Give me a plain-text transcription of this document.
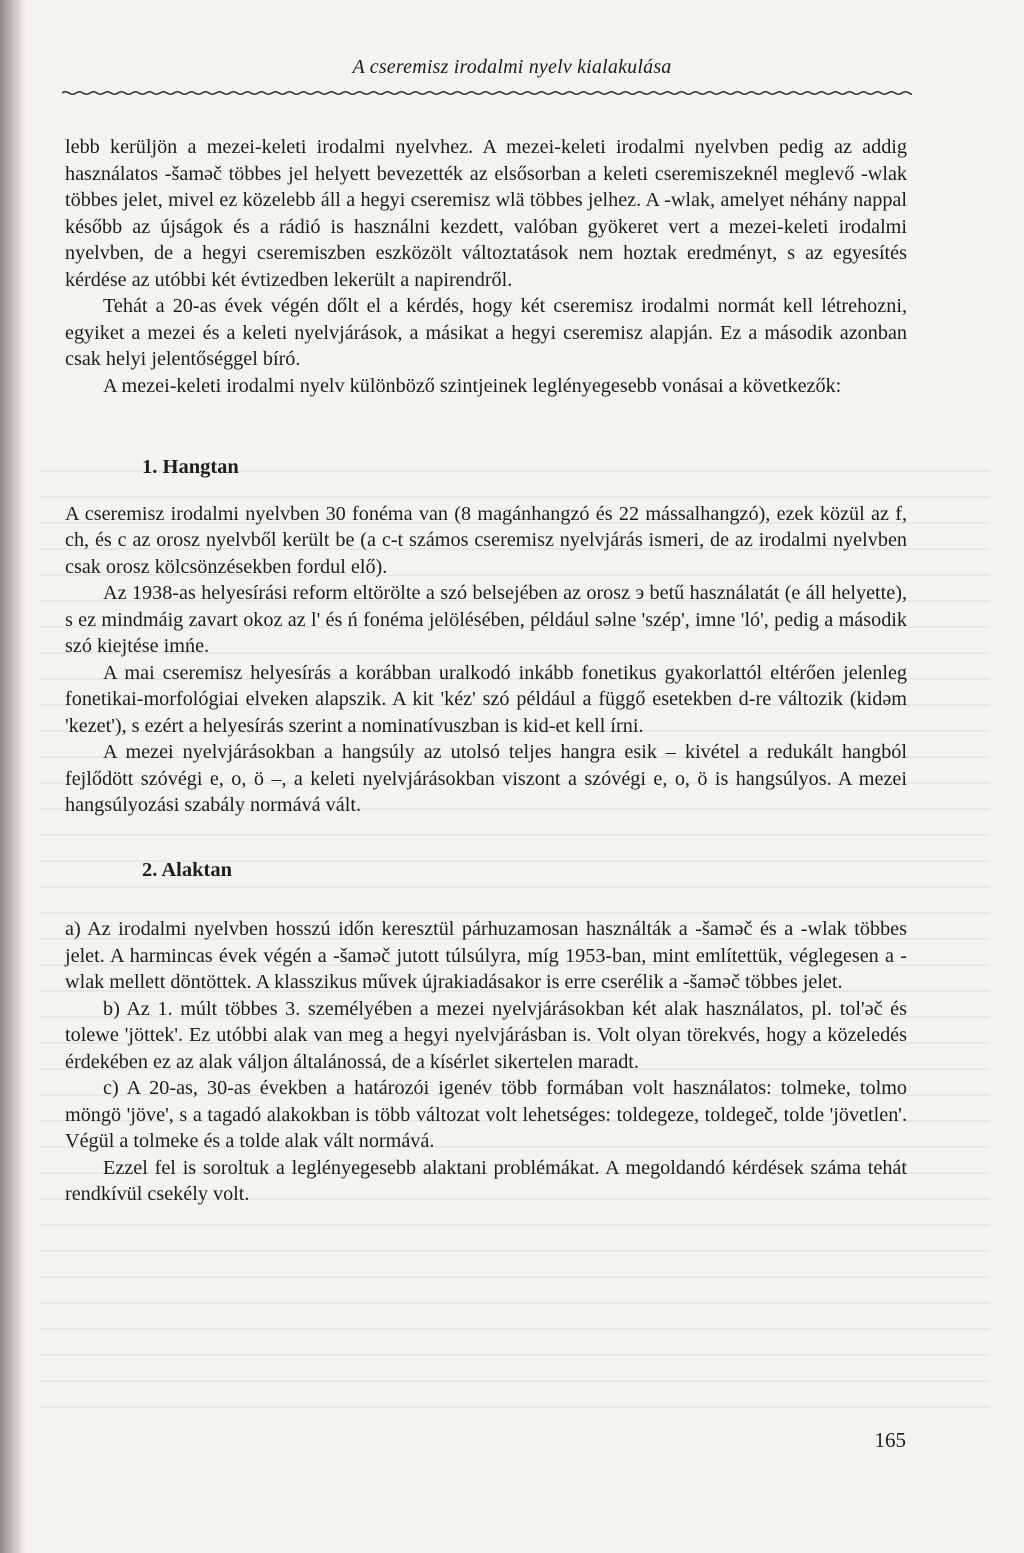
A cseremisz irodalmi nyelv kialakulása

lebb kerüljön a mezei-keleti irodalmi nyelvhez. A mezei-keleti irodalmi nyelvben pedig az addig használatos -šamǝč többes jel helyett bevezették az elsősorban a keleti cseremiszeknél meglevő -wlak többes jelet, mivel ez közelebb áll a hegyi cseremisz wlä többes jelhez. A -wlak, amelyet néhány nappal később az újságok és a rádió is használni kezdett, valóban gyökeret vert a mezei-keleti irodalmi nyelvben, de a hegyi cseremiszben eszközölt változtatások nem hoztak eredményt, s az egyesítés kérdése az utóbbi két évtizedben lekerült a napirendről.

Tehát a 20-as évek végén dőlt el a kérdés, hogy két cseremisz irodalmi normát kell létrehozni, egyiket a mezei és a keleti nyelvjárások, a másikat a hegyi cseremisz alapján. Ez a második azonban csak helyi jelentőséggel bíró.

A mezei-keleti irodalmi nyelv különböző szintjeinek leglényegesebb vonásai a következők:

1. Hangtan

A cseremisz irodalmi nyelvben 30 fonéma van (8 magánhangzó és 22 mássalhangzó), ezek közül az f, ch, és c az orosz nyelvből került be (a c-t számos cseremisz nyelvjárás ismeri, de az irodalmi nyelvben csak orosz kölcsönzésekben fordul elő).

Az 1938-as helyesírási reform eltörölte a szó belsejében az orosz э betű használatát (e áll helyette), s ez mindmáig zavart okoz az l' és ń fonéma jelölésében, például sǝlne 'szép', imne 'ló', pedig a második szó kiejtése imńe.

A mai cseremisz helyesírás a korábban uralkodó inkább fonetikus gyakorlattól eltérően jelenleg fonetikai-morfológiai elveken alapszik. A kit 'kéz' szó például a függő esetekben d-re változik (kidǝm 'kezet'), s ezért a helyesírás szerint a nominatívuszban is kid-et kell írni.

A mezei nyelvjárásokban a hangsúly az utolsó teljes hangra esik – kivétel a redukált hangból fejlődött szóvégi e, o, ö –, a keleti nyelvjárásokban viszont a szóvégi e, o, ö is hangsúlyos. A mezei hangsúlyozási szabály normává vált.

2. Alaktan

a) Az irodalmi nyelvben hosszú időn keresztül párhuzamosan használták a -šamǝč és a -wlak többes jelet. A harmincas évek végén a -šamǝč jutott túlsúlyra, míg 1953-ban, mint említettük, véglegesen a -wlak mellett döntöttek. A klasszikus művek újrakiadásakor is erre cserélik a -šamǝč többes jelet.

b) Az 1. múlt többes 3. személyében a mezei nyelvjárásokban két alak használatos, pl. tol'ǝč és tolewe 'jöttek'. Ez utóbbi alak van meg a hegyi nyelvjárásban is. Volt olyan törekvés, hogy a közeledés érdekében ez az alak váljon általánossá, de a kísérlet sikertelen maradt.

c) A 20-as, 30-as években a határozói igenév több formában volt használatos: tolmeke, tolmo möngö 'jöve', s a tagadó alakokban is több változat volt lehetséges: toldegeze, toldegeč, tolde 'jövetlen'. Végül a tolmeke és a tolde alak vált normává.

Ezzel fel is soroltuk a leglényegesebb alaktani problémákat. A megoldandó kérdések száma tehát rendkívül csekély volt.

165
